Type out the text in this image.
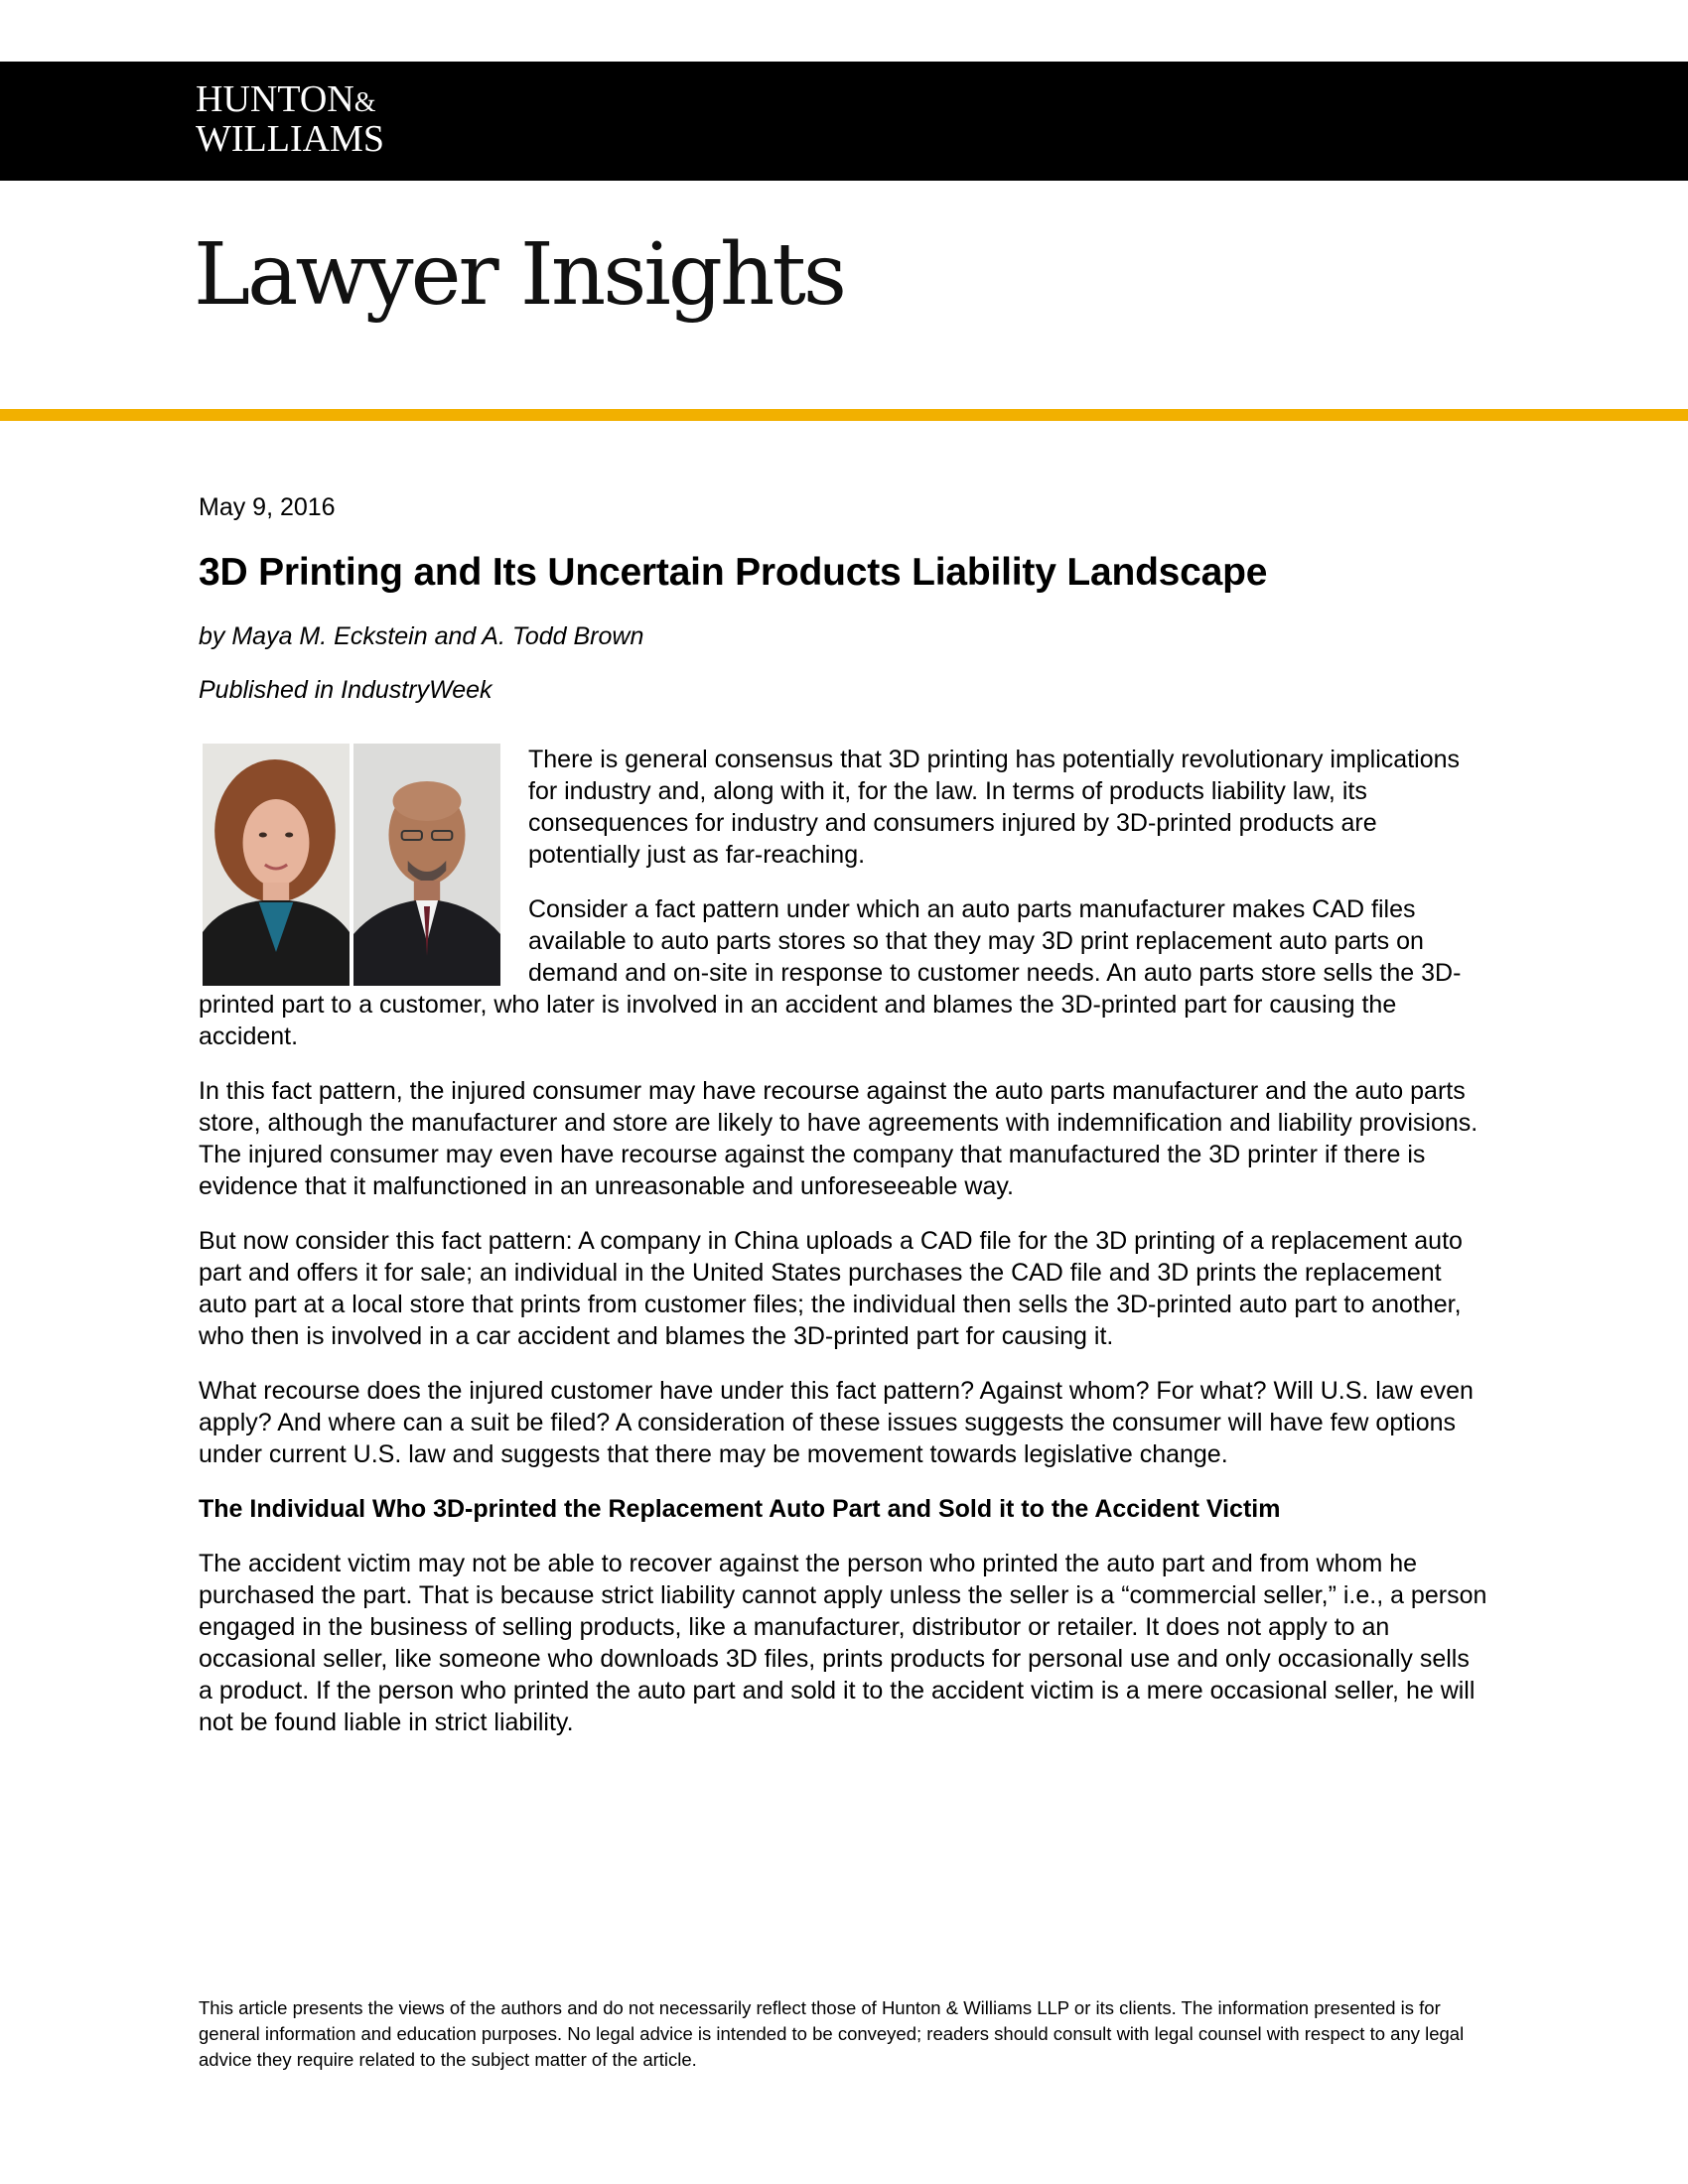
HUNTON&
WILLIAMS
Lawyer Insights
May 9, 2016
3D Printing and Its Uncertain Products Liability Landscape
by Maya M. Eckstein and A. Todd Brown
Published in IndustryWeek

There is general consensus that 3D printing has potentially revolutionary implications for industry and, along with it, for the law. In terms of products liability law, its consequences for industry and consumers injured by 3D-printed products are potentially just as far-reaching.

Consider a fact pattern under which an auto parts manufacturer makes CAD files available to auto parts stores so that they may 3D print replacement auto parts on demand and on-site in response to customer needs. An auto parts store sells the 3D-printed part to a customer, who later is involved in an accident and blames the 3D-printed part for causing the accident.

In this fact pattern, the injured consumer may have recourse against the auto parts manufacturer and the auto parts store, although the manufacturer and store are likely to have agreements with indemnification and liability provisions. The injured consumer may even have recourse against the company that manufactured the 3D printer if there is evidence that it malfunctioned in an unreasonable and unforeseeable way.

But now consider this fact pattern: A company in China uploads a CAD file for the 3D printing of a replacement auto part and offers it for sale; an individual in the United States purchases the CAD file and 3D prints the replacement auto part at a local store that prints from customer files; the individual then sells the 3D-printed auto part to another, who then is involved in a car accident and blames the 3D-printed part for causing it.

What recourse does the injured customer have under this fact pattern? Against whom? For what? Will U.S. law even apply? And where can a suit be filed? A consideration of these issues suggests the consumer will have few options under current U.S. law and suggests that there may be movement towards legislative change.

The Individual Who 3D-printed the Replacement Auto Part and Sold it to the Accident Victim

The accident victim may not be able to recover against the person who printed the auto part and from whom he purchased the part. That is because strict liability cannot apply unless the seller is a “commercial seller,” i.e., a person engaged in the business of selling products, like a manufacturer, distributor or retailer. It does not apply to an occasional seller, like someone who downloads 3D files, prints products for personal use and only occasionally sells a product. If the person who printed the auto part and sold it to the accident victim is a mere occasional seller, he will not be found liable in strict liability.

This article presents the views of the authors and do not necessarily reflect those of Hunton & Williams LLP or its clients. The information presented is for general information and education purposes. No legal advice is intended to be conveyed; readers should consult with legal counsel with respect to any legal advice they require related to the subject matter of the article.
